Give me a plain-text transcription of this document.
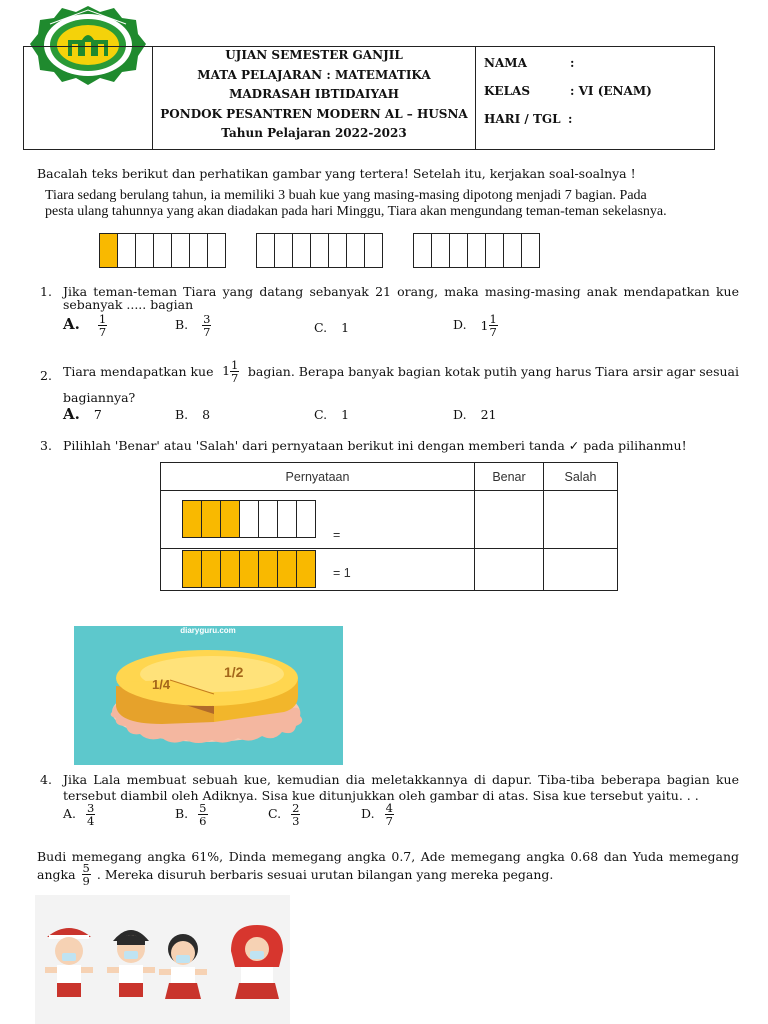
UJIAN SEMESTER GANJIL
MATA PELAJARAN : MATEMATIKA
MADRASAH IBTIDAIYAH
PONDOK PESANTREN MODERN AL – HUSNA
Tahun Pelajaran 2022-2023
NAMA	:
KELAS	: VI (ENAM)
HARI / TGL :

Bacalah teks berikut dan perhatikan gambar yang tertera! Setelah itu, kerjakan soal-soalnya !

Tiara sedang berulang tahun, ia memiliki 3 buah kue yang masing-masing dipotong menjadi 7 bagian. Pada

pesta ulang tahunnya yang akan diadakan pada hari Minggu, Tiara akan mengundang teman-teman sekelasnya.

1. Jika teman-teman Tiara yang datang sebanyak 21 orang, maka masing-masing anak mendapatkan kue

sebanyak ..... bagian

A. $\frac{1}{7}$	B. $\frac{3}{7}$	C. 1	D. $1 \frac{1}{7}$
2. Tiara mendapatkan kue $1 \frac{1}{7}$ bagian. Berapa banyak bagian kotak putih yang harus Tiara arsir agar sesuai

bagiannya?

A. 7	B. 8	C. 1	D. 21
3. Pilihlah 'Benar' atau 'Salah' dari pernyataan berikut ini dengan memberi tanda ✓ pada pilihanmu!

Pernyataan	Benar	Salah

=		

= 1		

diaryguru.com
1/4
1/2
4. Jika Lala membuat sebuah kue, kemudian dia meletakkannya di dapur. Tiba-tiba beberapa bagian kue

tersebut diambil oleh Adiknya. Sisa kue ditunjukkan oleh gambar di atas. Sisa kue tersebut yaitu. . .

A. $\frac{3}{4}$	B. $\frac{5}{6}$	C. $\frac{2}{3}$	D. $\frac{4}{7}$

Budi memegang angka 61%, Dinda memegang angka 0.7, Ade memegang angka 0.68 dan Yuda memegang

angka $\frac{5}{9}$ . Mereka disuruh berbaris sesuai urutan bilangan yang mereka pegang.
